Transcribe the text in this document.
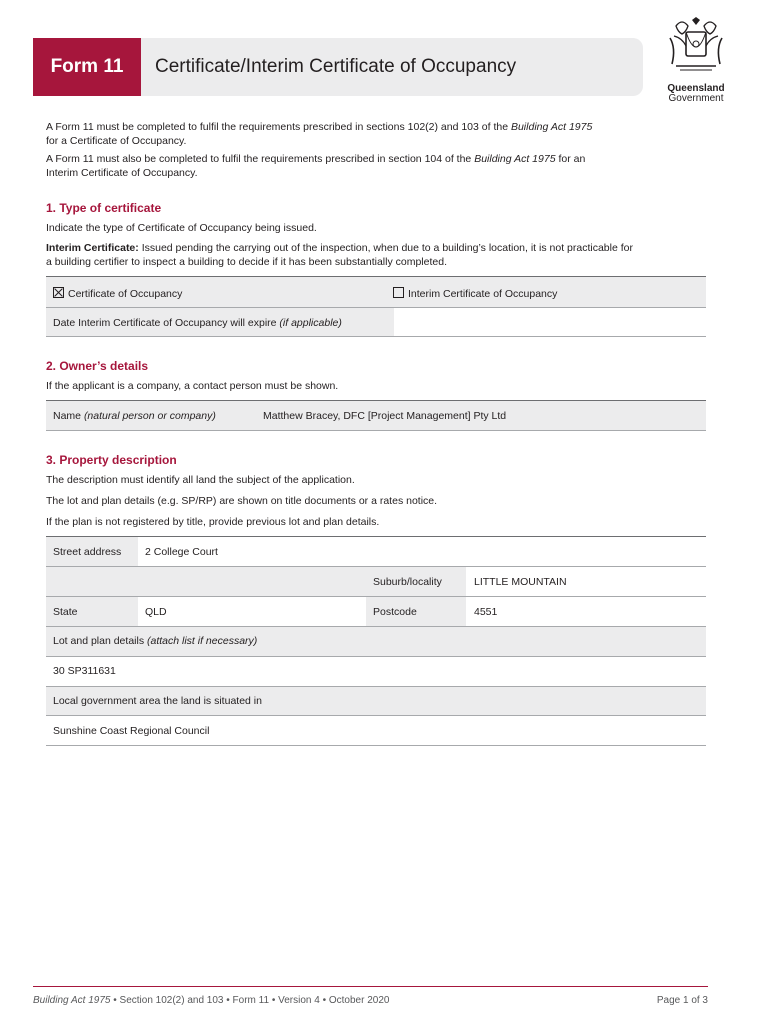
Form 11	Certificate/Interim Certificate of Occupancy
Queensland
Government
A Form 11 must be completed to fulfil the requirements prescribed in sections 102(2) and 103 of the Building Act 1975
for a Certificate of Occupancy.
A Form 11 must also be completed to fulfil the requirements prescribed in section 104 of the Building Act 1975 for an
Interim Certificate of Occupancy.
1. Type of certificate
Indicate the type of Certificate of Occupancy being issued.
Interim Certificate: Issued pending the carrying out of the inspection, when due to a building’s location, it is not practicable for
a building certifier to inspect a building to decide if it has been substantially completed.
Certificate of Occupancy	Interim Certificate of Occupancy
Date Interim Certificate of Occupancy will expire (if applicable)
2. Owner’s details
If the applicant is a company, a contact person must be shown.
Name (natural person or company)	Matthew Bracey, DFC [Project Management] Pty Ltd
3. Property description
The description must identify all land the subject of the application.
The lot and plan details (e.g. SP/RP) are shown on title documents or a rates notice.
If the plan is not registered by title, provide previous lot and plan details.
Street address 2 College Court
Suburb/locality	LITTLE MOUNTAIN
State	QLD	Postcode	4551
Lot and plan details (attach list if necessary)
30 SP311631
Local government area the land is situated in
Sunshine Coast Regional Council
Building Act 1975 • Section 102(2) and 103 • Form 11 • Version 4 • October 2020	Page 1 of 3
